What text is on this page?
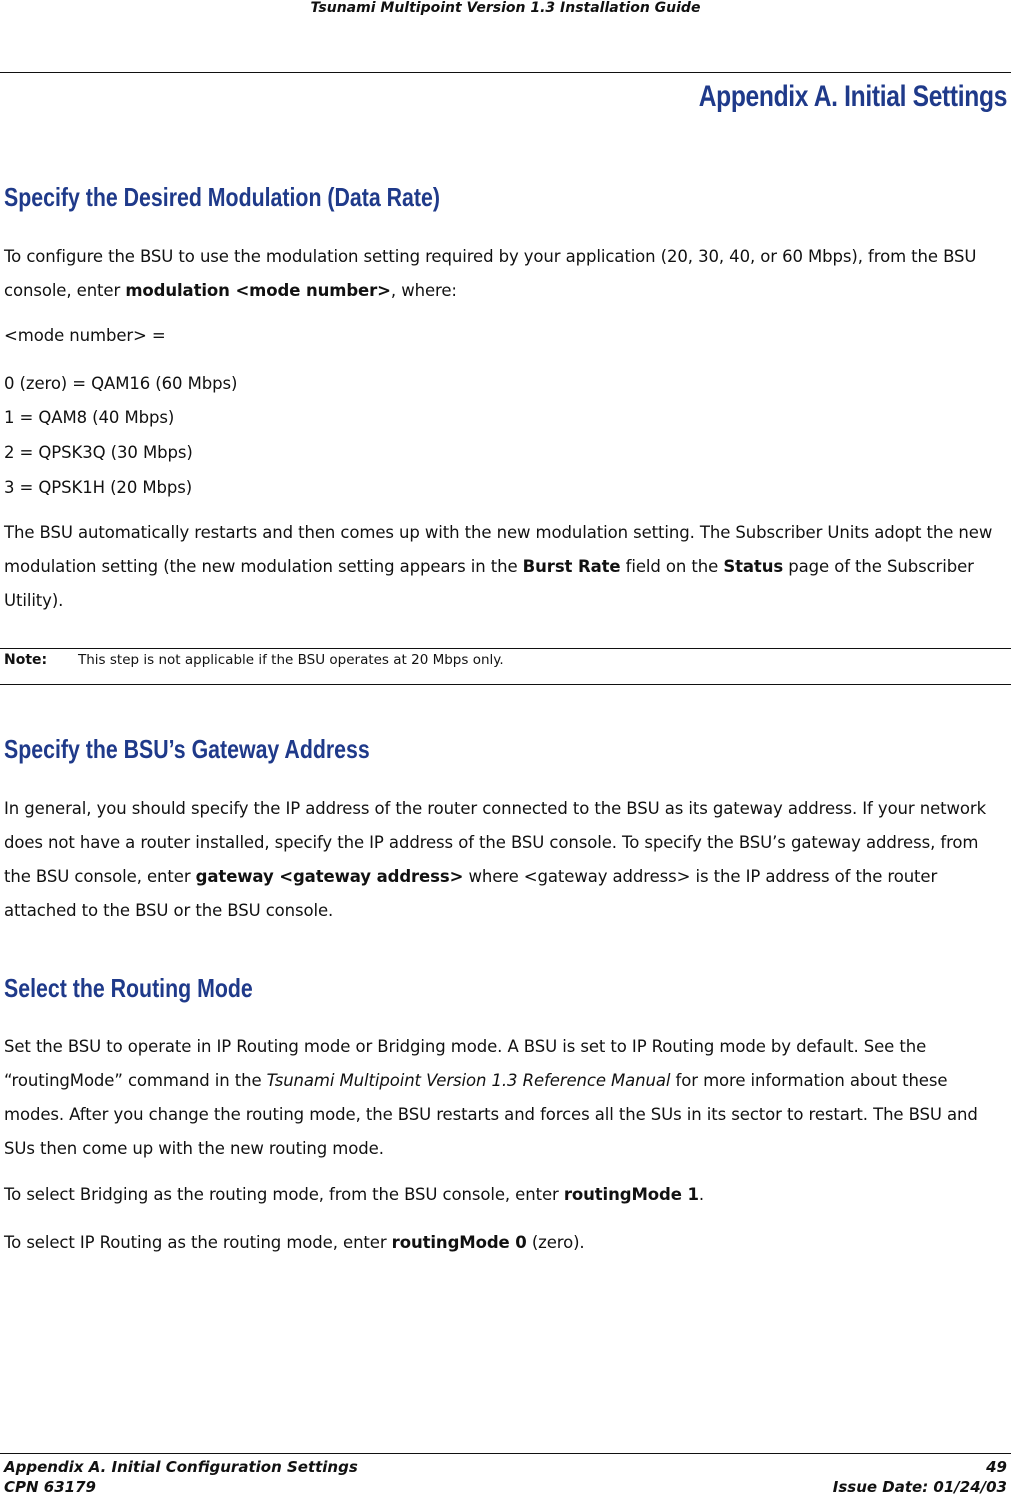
Tsunami Multipoint Version 1.3 Installation Guide
Appendix A. Initial Settings
Specify the Desired Modulation (Data Rate)

To configure the BSU to use the modulation setting required by your application (20, 30, 40, or 60 Mbps), from the BSU console, enter modulation <mode number>, where:

<mode number> =
0 (zero) = QAM16 (60 Mbps)
1 = QAM8 (40 Mbps)
2 = QPSK3Q (30 Mbps)
3 = QPSK1H (20 Mbps)

The BSU automatically restarts and then comes up with the new modulation setting. The Subscriber Units adopt the new modulation setting (the new modulation setting appears in the Burst Rate field on the Status page of the Subscriber Utility).

Note: This step is not applicable if the BSU operates at 20 Mbps only.
Specify the BSU’s Gateway Address

In general, you should specify the IP address of the router connected to the BSU as its gateway address. If your network does not have a router installed, specify the IP address of the BSU console. To specify the BSU’s gateway address, from the BSU console, enter gateway <gateway address> where <gateway address> is the IP address of the router attached to the BSU or the BSU console.

Select the Routing Mode

Set the BSU to operate in IP Routing mode or Bridging mode. A BSU is set to IP Routing mode by default. See the “routingMode” command in the Tsunami Multipoint Version 1.3 Reference Manual for more information about these modes. After you change the routing mode, the BSU restarts and forces all the SUs in its sector to restart. The BSU and SUs then come up with the new routing mode.

To select Bridging as the routing mode, from the BSU console, enter routingMode 1.

To select IP Routing as the routing mode, enter routingMode 0 (zero).

Appendix A. Initial Configuration Settings
CPN 63179
49
Issue Date: 01/24/03
